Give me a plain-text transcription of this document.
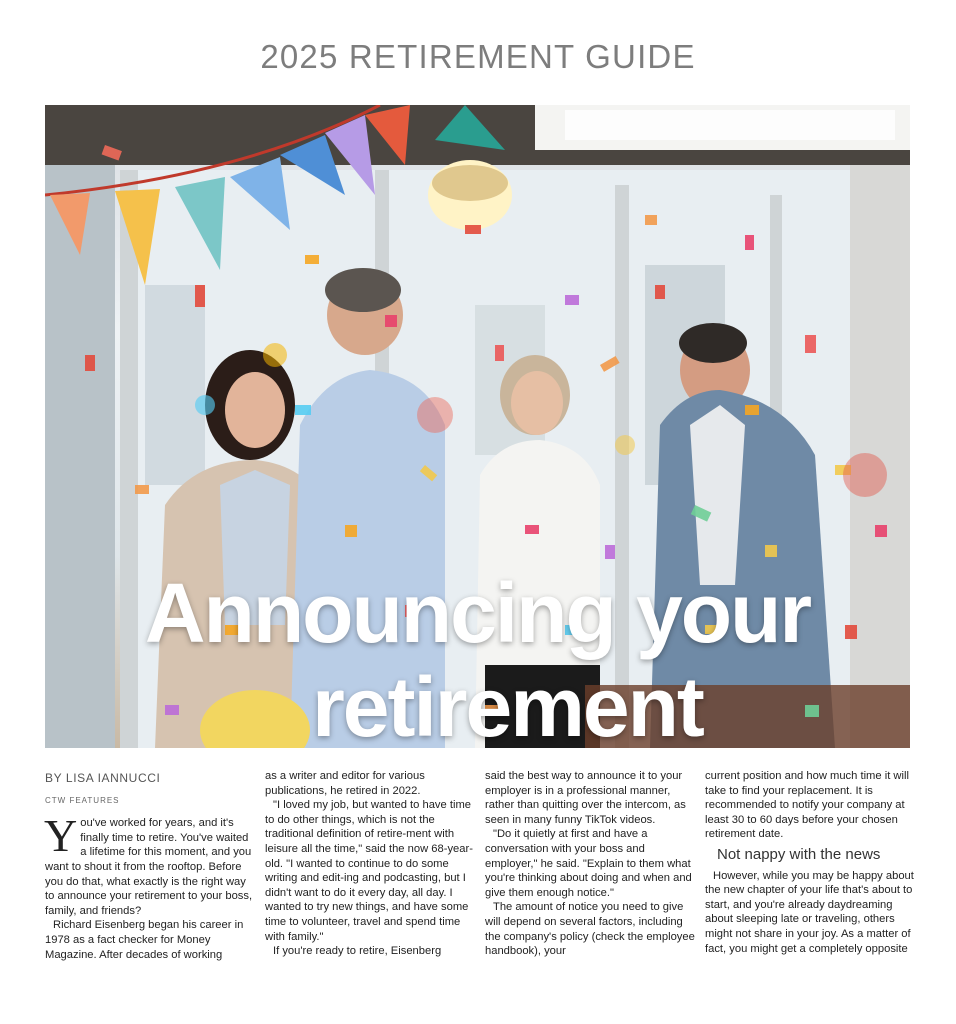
2025 RETIREMENT GUIDE
Announcing your
retirement
BY LISA IANNUCCI
CTW FEATURES

You've worked for years, and it's finally time to retire. You've waited a lifetime for this moment, and you want to shout it from the rooftop. Before you do that, what exactly is the right way to announce your retirement to your boss, family, and friends?

Richard Eisenberg began his career in 1978 as a fact checker for Money Magazine. After decades of working

as a writer and editor for various publications, he retired in 2022.

"I loved my job, but wanted to have time to do other things, which is not the traditional definition of retire-ment with leisure all the time," said the now 68-year-old. "I wanted to continue to do some writing and edit-ing and podcasting, but I didn't want to do it every day, all day. I wanted to try new things, and have some time to volunteer, travel and spend time with family."

If you're ready to retire, Eisenberg

said the best way to announce it to your employer is in a professional manner, rather than quitting over the intercom, as seen in many funny TikTok videos.

"Do it quietly at first and have a conversation with your boss and employer," he said. "Explain to them what you're thinking about doing and when and give them enough notice."

The amount of notice you need to give will depend on several factors, including the company's policy (check the employee handbook), your

current position and how much time it will take to find your replacement. It is recommended to notify your company at least 30 to 60 days before your chosen retirement date.

Not nappy with the news

However, while you may be happy about the new chapter of your life that's about to start, and you're already daydreaming about sleeping late or traveling, others might not share in your joy. As a matter of fact, you might get a completely opposite
